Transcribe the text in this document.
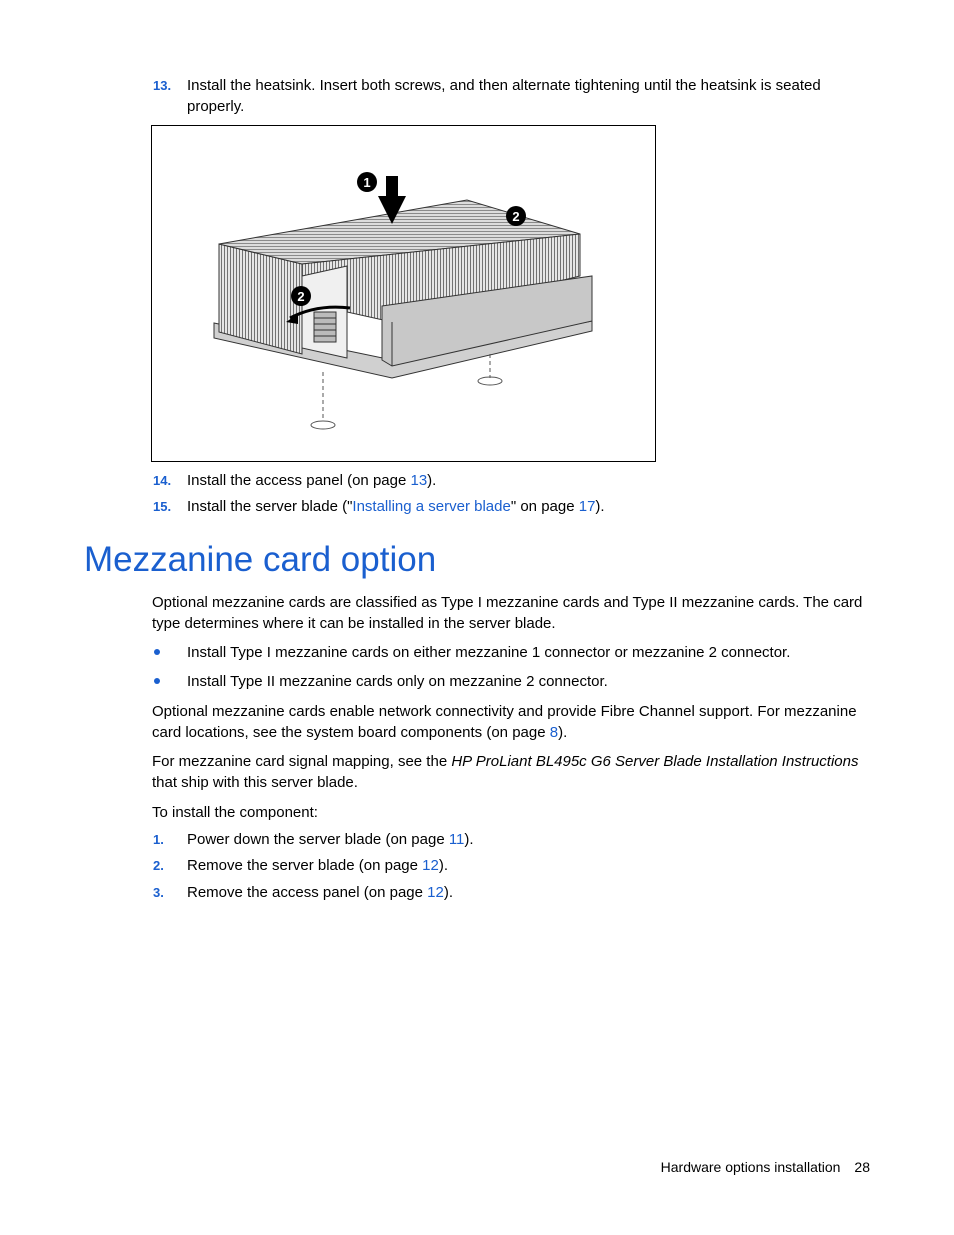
13. Install the heatsink. Insert both screws, and then alternate tightening until the heatsink is seated properly.
1
2
2
14. Install the access panel (on page 13).
15. Install the server blade ("Installing a server blade" on page 17).
Mezzanine card option
Optional mezzanine cards are classified as Type I mezzanine cards and Type II mezzanine cards. The card type determines where it can be installed in the server blade.
Install Type I mezzanine cards on either mezzanine 1 connector or mezzanine 2 connector.
Install Type II mezzanine cards only on mezzanine 2 connector.
Optional mezzanine cards enable network connectivity and provide Fibre Channel support. For mezzanine card locations, see the system board components (on page 8).
For mezzanine card signal mapping, see the HP ProLiant BL495c G6 Server Blade Installation Instructions that ship with this server blade.
To install the component:
1. Power down the server blade (on page 11).
2. Remove the server blade (on page 12).
3. Remove the access panel (on page 12).
Hardware options installation 28
